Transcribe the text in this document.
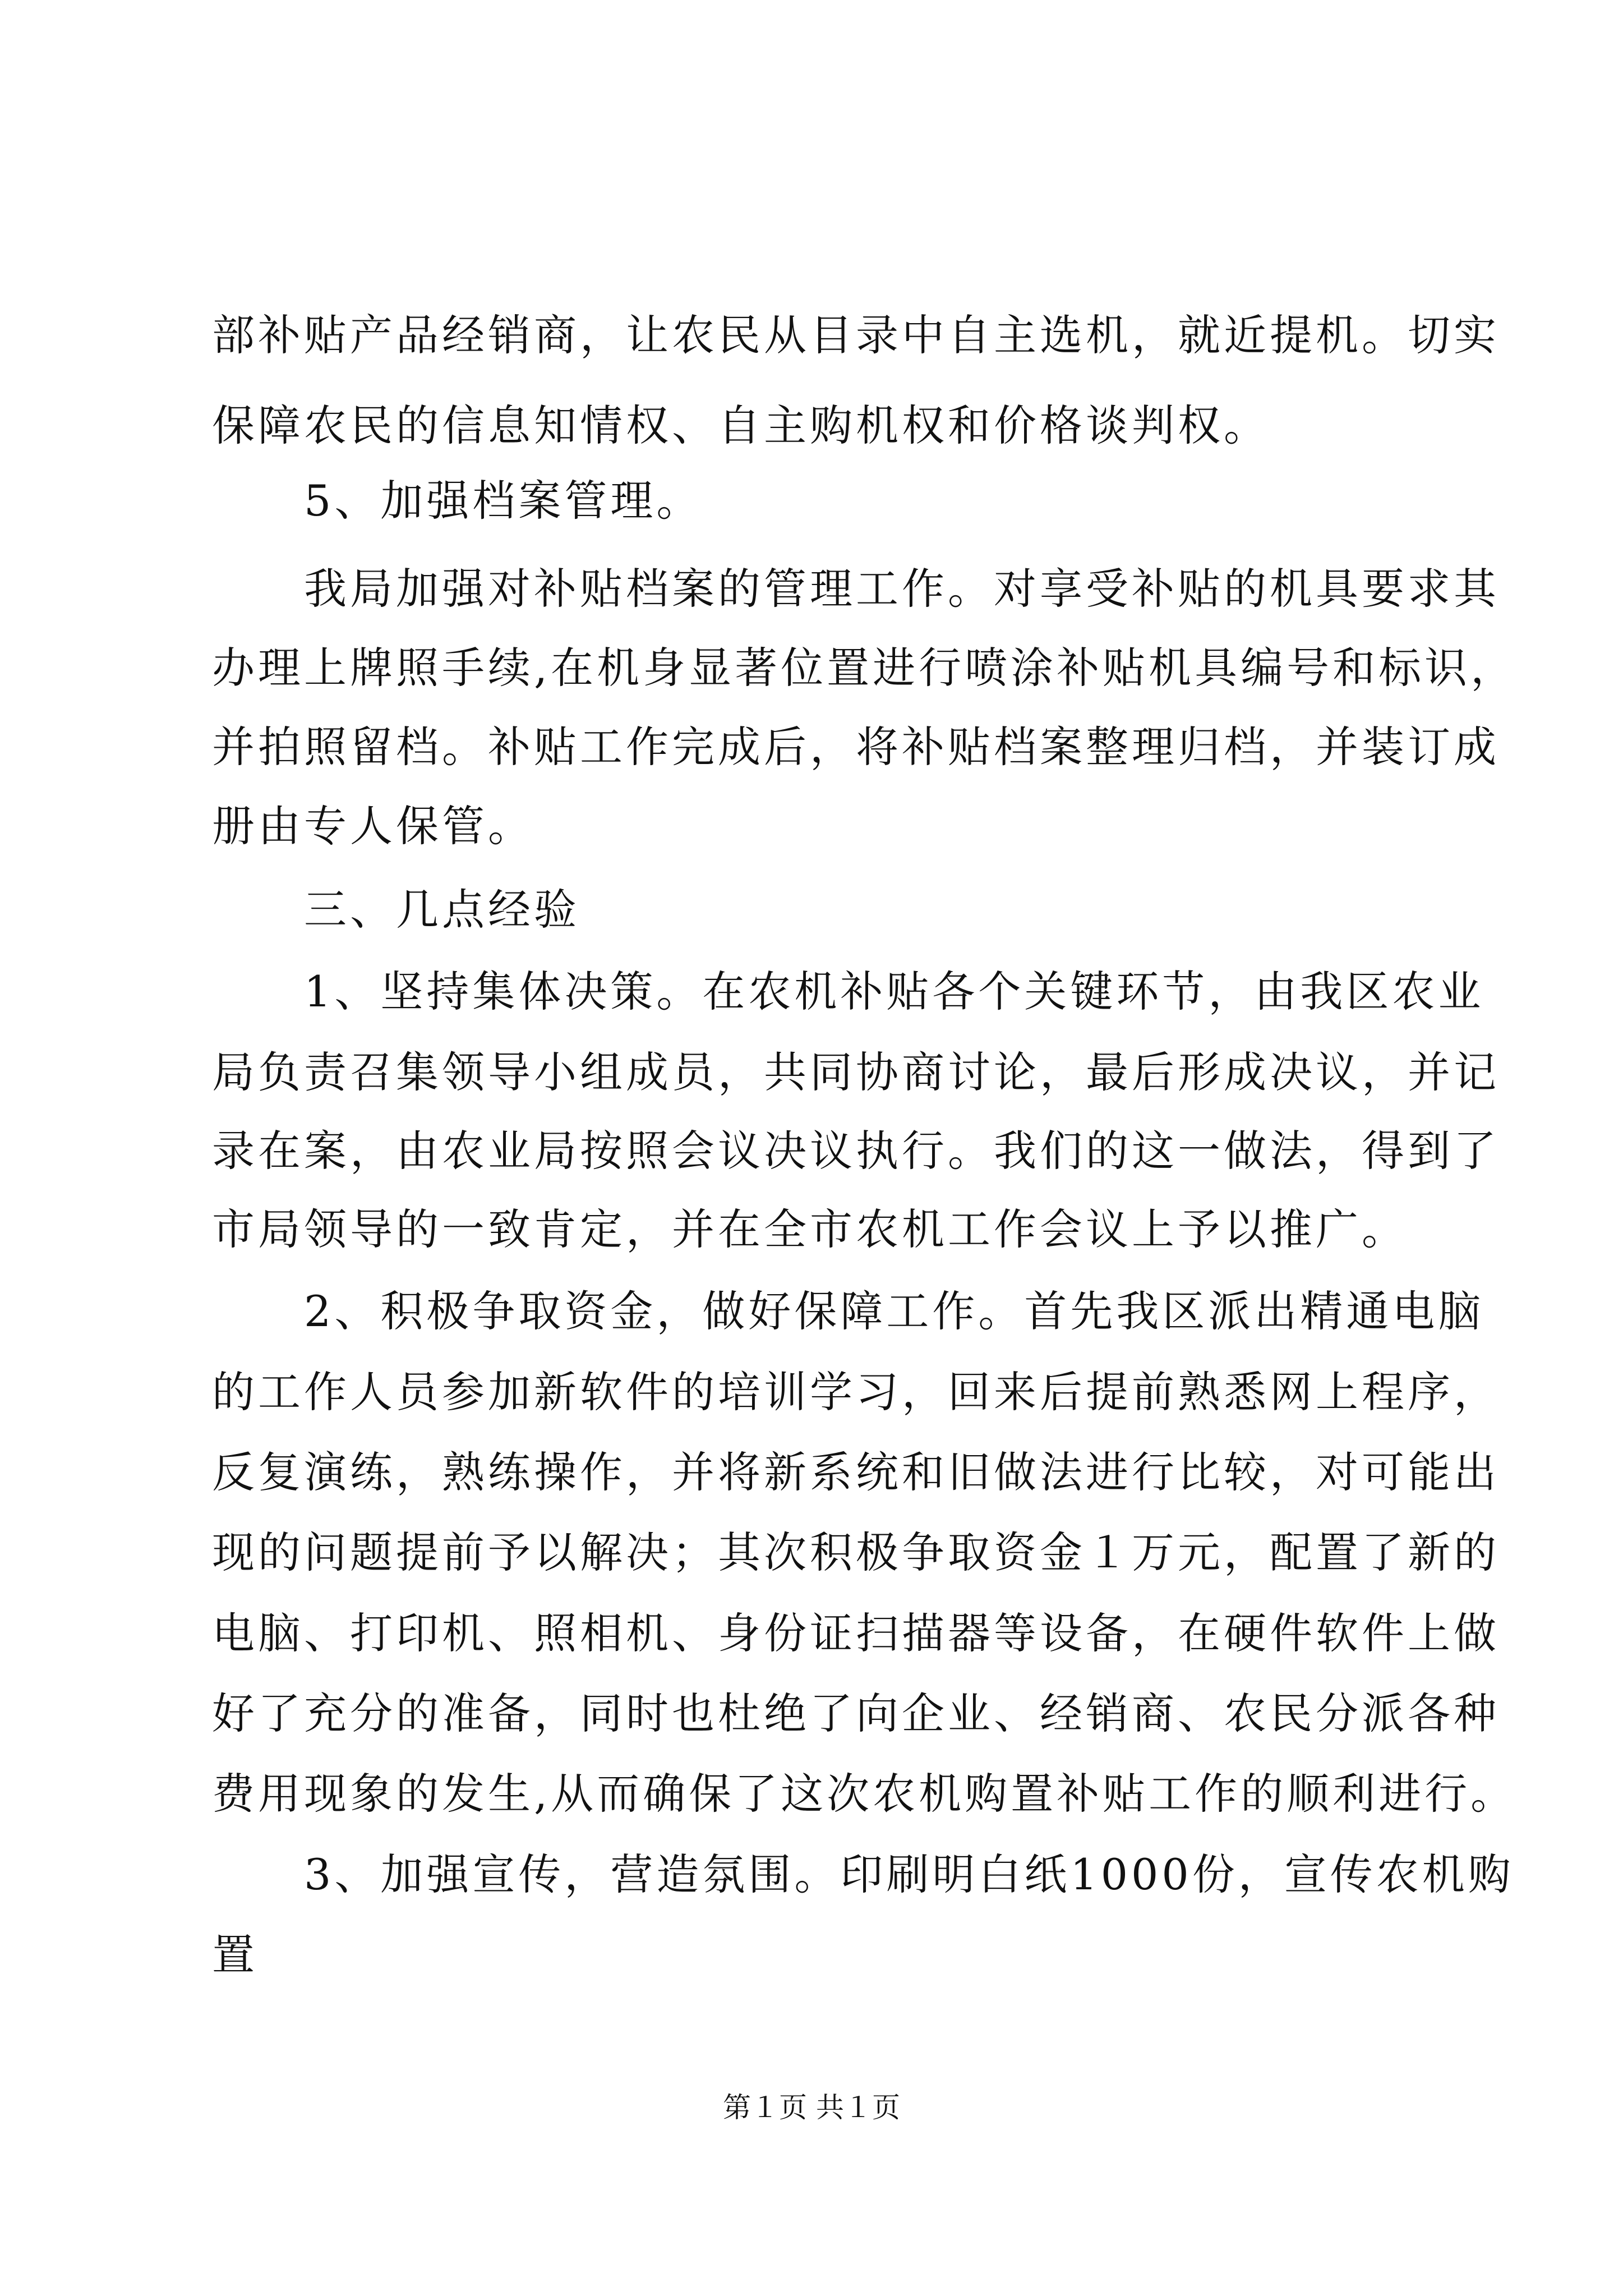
部补贴产品经销商，让农民从目录中自主选机，就近提机。切实
保障农民的信息知情权、自主购机权和价格谈判权。
5、加强档案管理。
我局加强对补贴档案的管理工作。对享受补贴的机具要求其
办理上牌照手续,在机身显著位置进行喷涂补贴机具编号和标识，
并拍照留档。补贴工作完成后，将补贴档案整理归档，并装订成
册由专人保管。
三、几点经验
1、坚持集体决策。在农机补贴各个关键环节，由我区农业
局负责召集领导小组成员，共同协商讨论，最后形成决议，并记
录在案，由农业局按照会议决议执行。我们的这一做法，得到了
市局领导的一致肯定，并在全市农机工作会议上予以推广。
2、积极争取资金，做好保障工作。首先我区派出精通电脑
的工作人员参加新软件的培训学习，回来后提前熟悉网上程序，
反复演练，熟练操作，并将新系统和旧做法进行比较，对可能出
现的问题提前予以解决；其次积极争取资金１万元，配置了新的
电脑、打印机、照相机、身份证扫描器等设备，在硬件软件上做
好了充分的准备，同时也杜绝了向企业、经销商、农民分派各种
费用现象的发生,从而确保了这次农机购置补贴工作的顺利进行。
3、加强宣传，营造氛围。印刷明白纸1000份，宣传农机购
置
第１页 共１页
